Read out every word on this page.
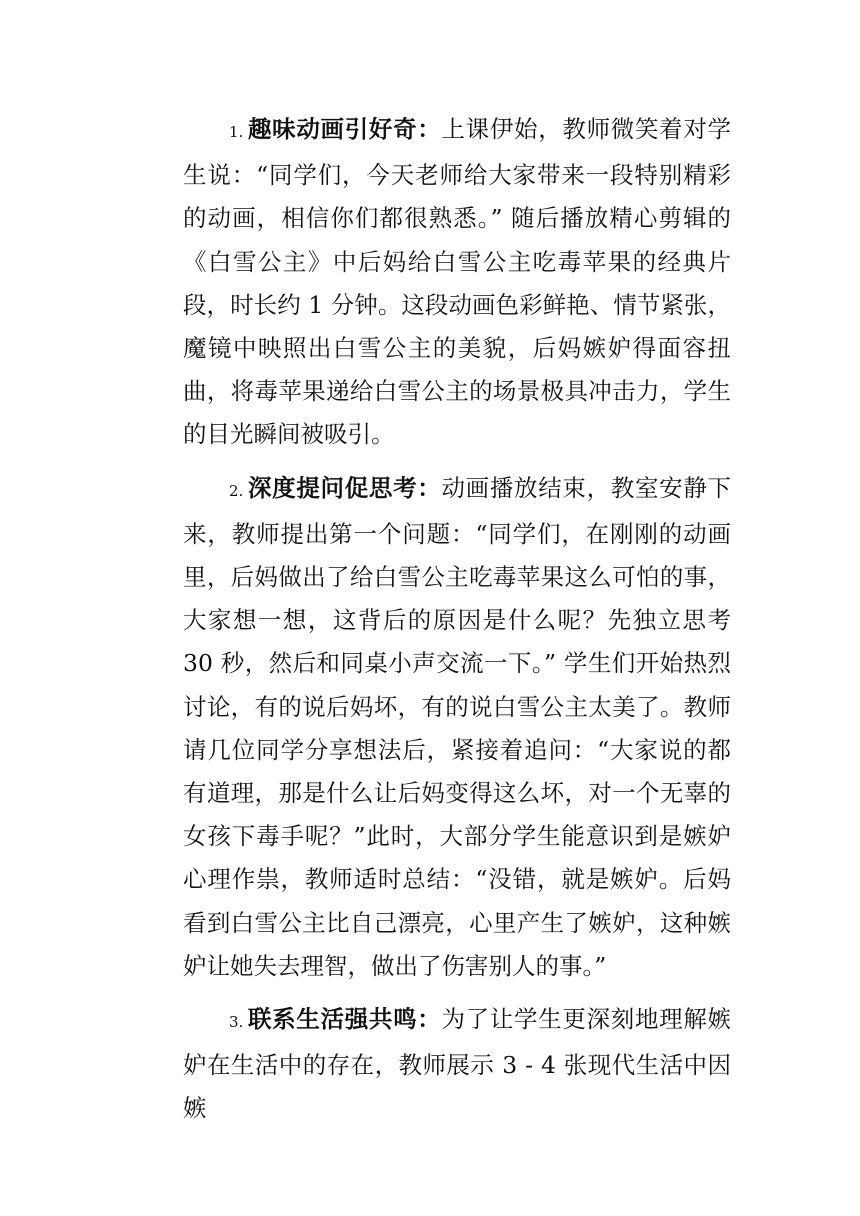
1. 趣味动画引好奇：上课伊始，教师微笑着对学生说：“同学们，今天老师给大家带来一段特别精彩的动画，相信你们都很熟悉。” 随后播放精心剪辑的《白雪公主》中后妈给白雪公主吃毒苹果的经典片段，时长约 1 分钟。这段动画色彩鲜艳、情节紧张，魔镜中映照出白雪公主的美貌，后妈嫉妒得面容扭曲，将毒苹果递给白雪公主的场景极具冲击力，学生的目光瞬间被吸引。

2. 深度提问促思考：动画播放结束，教室安静下来，教师提出第一个问题：“同学们，在刚刚的动画里，后妈做出了给白雪公主吃毒苹果这么可怕的事，大家想一想，这背后的原因是什么呢？先独立思考 30 秒，然后和同桌小声交流一下。” 学生们开始热烈讨论，有的说后妈坏，有的说白雪公主太美了。教师请几位同学分享想法后，紧接着追问：“大家说的都有道理，那是什么让后妈变得这么坏，对一个无辜的女孩下毒手呢？”此时，大部分学生能意识到是嫉妒心理作祟，教师适时总结：“没错，就是嫉妒。后妈看到白雪公主比自己漂亮，心里产生了嫉妒，这种嫉妒让她失去理智，做出了伤害别人的事。”

3. 联系生活强共鸣：为了让学生更深刻地理解嫉妒在生活中的存在，教师展示 3 - 4 张现代生活中因嫉
